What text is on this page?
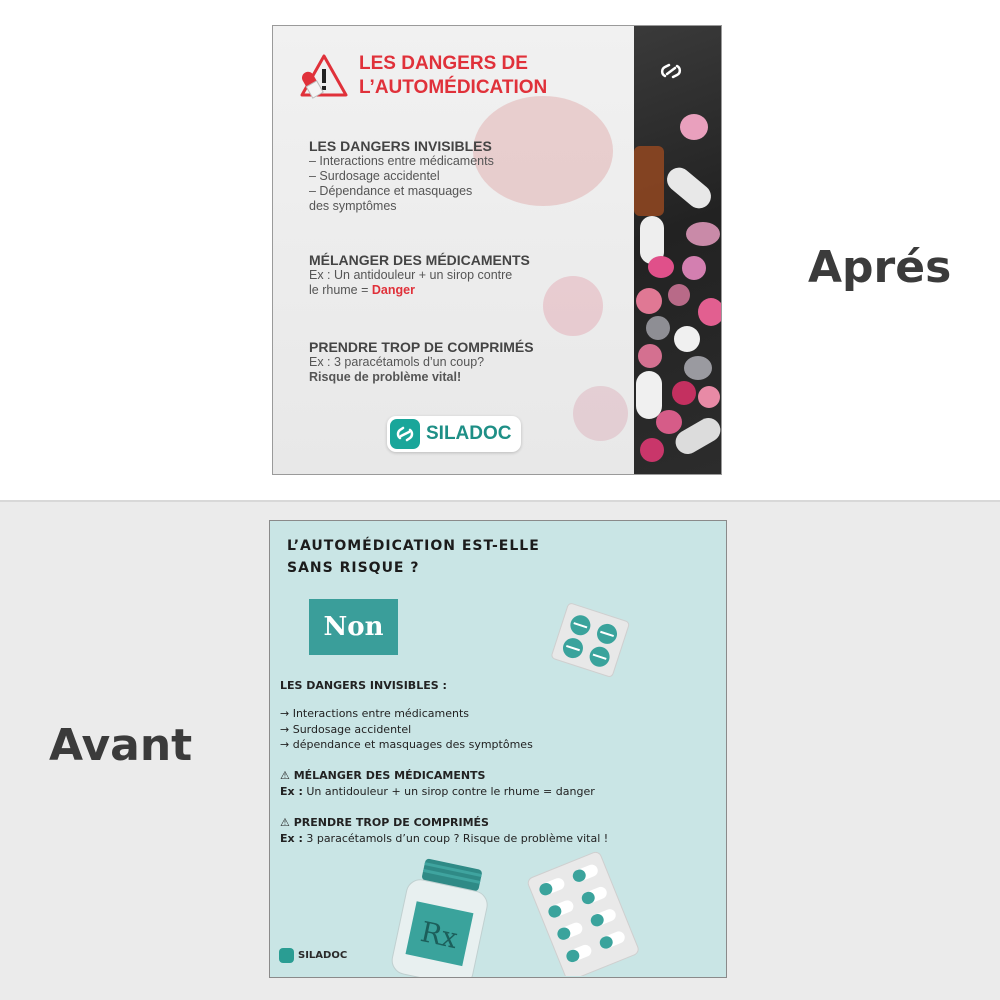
LES DANGERS DE
L’AUTOMÉDICATION
LES DANGERS INVISIBLES
– Interactions entre médicaments
– Surdosage accidentel
– Dépendance et masquages
des symptômes
MÉLANGER DES MÉDICAMENTS
Ex : Un antidouleur + un sirop contre
le rhume = Danger
PRENDRE TROP DE COMPRIMÉS
Ex : 3 paracétamols d’un coup?
Risque de problème vital!
SILADOC
Aprés
Avant
L’AUTOMÉDICATION EST-ELLE
SANS RISQUE ?
Non
LES DANGERS INVISIBLES :
→ Interactions entre médicaments
→ Surdosage accidentel
→ dépendance et masquages des symptômes
⚠ MÉLANGER DES MÉDICAMENTS
Ex : Un antidouleur + un sirop contre le rhume = danger
⚠ PRENDRE TROP DE COMPRIMÉS
Ex : 3 paracétamols d’un coup ? Risque de problème vital !
Rx
SILADOC
